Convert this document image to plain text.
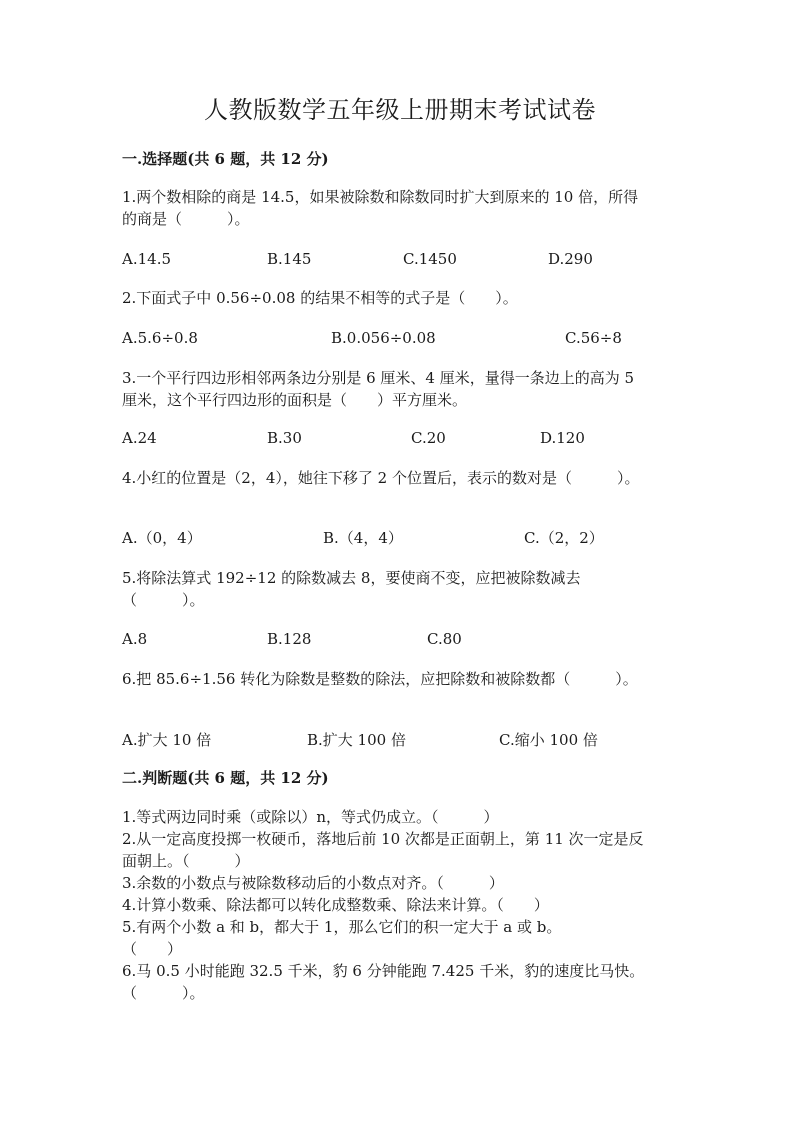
人教版数学五年级上册期末考试试卷
一.选择题(共 6 题，共 12 分)
1.两个数相除的商是 14.5，如果被除数和除数同时扩大到原来的 10 倍，所得
的商是（　　　）。
A.14.5	B.145	C.1450	D.290
2.下面式子中 0.56÷0.08 的结果不相等的式子是（　　）。
A.5.6÷0.8	B.0.056÷0.08	C.56÷8
3.一个平行四边形相邻两条边分别是 6 厘米、4 厘米，量得一条边上的高为 5
厘米，这个平行四边形的面积是（　　）平方厘米。
A.24	B.30	C.20	D.120
4.小红的位置是（2，4），她往下移了 2 个位置后，表示的数对是（　　　）。
A.（0，4）	B.（4，4）	C.（2，2）
5.将除法算式 192÷12 的除数减去 8，要使商不变，应把被除数减去
（　　　）。
A.8	B.128	C.80
6.把 85.6÷1.56 转化为除数是整数的除法，应把除数和被除数都（　　　）。
A.扩大 10 倍	B.扩大 100 倍	C.缩小 100 倍
二.判断题(共 6 题，共 12 分)
1.等式两边同时乘（或除以）n，等式仍成立。（　　　）
2.从一定高度投掷一枚硬币，落地后前 10 次都是正面朝上，第 11 次一定是反
面朝上。（　　　）
3.余数的小数点与被除数移动后的小数点对齐。（　　　）
4.计算小数乘、除法都可以转化成整数乘、除法来计算。（　　）
5.有两个小数 a 和 b，都大于 1，那么它们的积一定大于 a 或 b。
（　　）
6.马 0.5 小时能跑 32.5 千米，豹 6 分钟能跑 7.425 千米，豹的速度比马快。
（　　　）。
